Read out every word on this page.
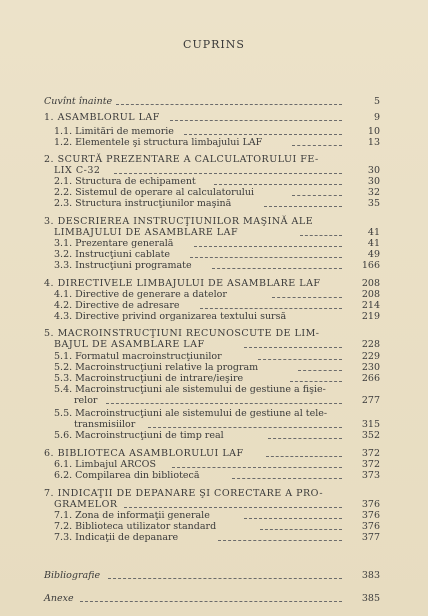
CUPRINS
Cuvînt înainte	5
1. ASAMBLORUL LAF	9
1.1. Limitări de memorie	10
1.2. Elementele şi structura limbajului LAF	13
2. SCURTĂ PREZENTARE A CALCULATORULUI FE-
LIX C-32	30
2.1. Structura de echipament	30
2.2. Sistemul de operare al calculatorului	32
2.3. Structura instrucţiunilor maşină	35
3. DESCRIEREA INSTRUCŢIUNILOR MAŞINĂ ALE
LIMBAJULUI DE ASAMBLARE LAF	41
3.1. Prezentare generală	41
3.2. Instrucţiuni cablate	49
3.3. Instrucţiuni programate	166
4. DIRECTIVELE LIMBAJULUI DE ASAMBLARE LAF	208
4.1. Directive de generare a datelor	208
4.2. Directive de adresare	214
4.3. Directive privind organizarea textului sursă	219
5. MACROINSTRUCŢIUNI RECUNOSCUTE DE LIM-
BAJUL DE ASAMBLARE LAF	228
5.1. Formatul macroinstrucţiunilor	229
5.2. Macroinstrucţiuni relative la program	230
5.3. Macroinstrucţiuni de intrare/ieşire	266
5.4. Macroinstrucţiuni ale sistemului de gestiune a fişie-
relor	277
5.5. Macroinstrucţiuni ale sistemului de gestiune al tele-
transmisiilor	315
5.6. Macroinstrucţiuni de timp real	352
6. BIBLIOTECA ASAMBLORULUI LAF	372
6.1. Limbajul ARCOS	372
6.2. Compilarea din bibliotecă	373
7. INDICAŢII DE DEPANARE ŞI CORECTARE A PRO-
GRAMELOR	376
7.1. Zona de informaţii generale	376
7.2. Biblioteca utilizator standard	376
7.3. Indicaţii de depanare	377
Bibliografie	383
Anexe	385
